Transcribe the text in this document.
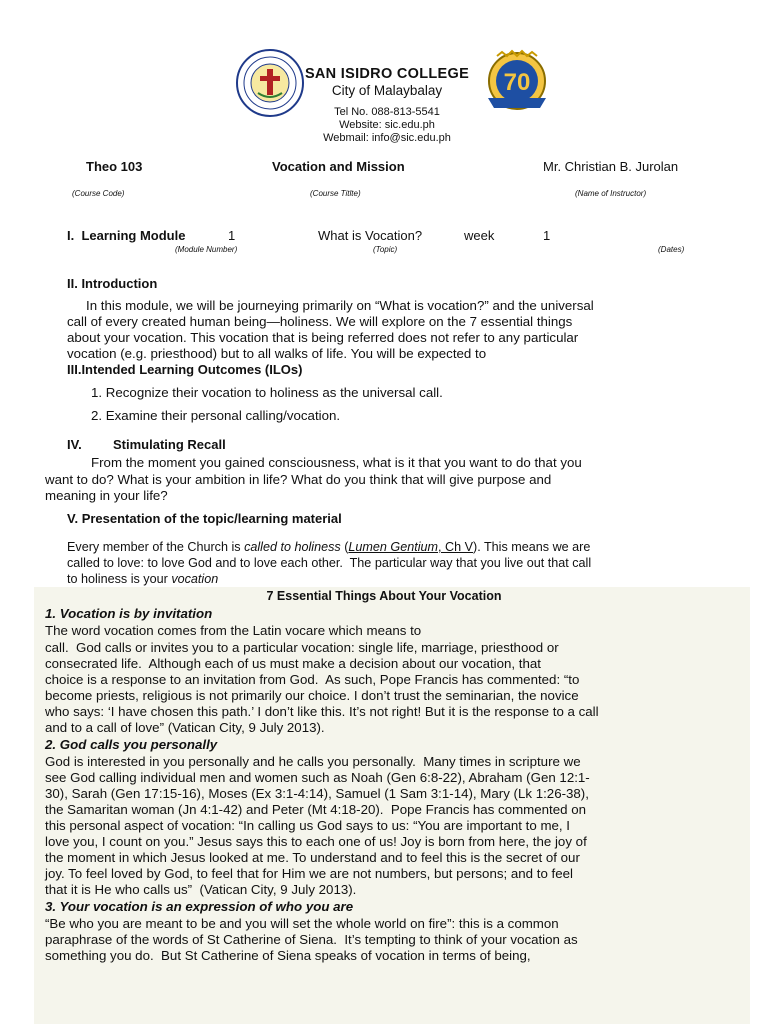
70
SAN ISIDRO COLLEGE
City of Malaybalay
Tel No. 088-813-5541
Website: sic.edu.ph
Webmail: info@sic.edu.ph
Theo 103
(Course Code)
Vocation and Mission
(Course Titlte)
Mr. Christian B. Jurolan
(Name of Instructor)
I.  Learning Module	1
(Module Number)
What is Vocation?
(Topic)
week	1
(Dates)
II. Introduction
In this module, we will be journeying primarily on “What is vocation?” and the universal
call of every created human being—holiness. We will explore on the 7 essential things
about your vocation. This vocation that is being referred does not refer to any particular
vocation (e.g. priesthood) but to all walks of life. You will be expected to
III.Intended Learning Outcomes (ILOs)
1. Recognize their vocation to holiness as the universal call.
2. Examine their personal calling/vocation.
IV. Stimulating Recall
From the moment you gained consciousness, what is it that you want to do that you
want to do? What is your ambition in life? What do you think that will give purpose and
meaning in your life?
V. Presentation of the topic/learning material
Every member of the Church is called to holiness (Lumen Gentium, Ch V). This means we are
called to love: to love God and to love each other.  The particular way that you live out that call
to holiness is your vocation
7 Essential Things About Your Vocation
1. Vocation is by invitation
The word vocation comes from the Latin vocare which means to
call.  God calls or invites you to a particular vocation: single life, marriage, priesthood or
consecrated life.  Although each of us must make a decision about our vocation, that
choice is a response to an invitation from God.  As such, Pope Francis has commented: “to
become priests, religious is not primarily our choice. I don’t trust the seminarian, the novice
who says: ‘I have chosen this path.’ I don’t like this. It’s not right! But it is the response to a call
and to a call of love” (Vatican City, 9 July 2013).
2. God calls you personally
God is interested in you personally and he calls you personally.  Many times in scripture we
see God calling individual men and women such as Noah (Gen 6:8-22), Abraham (Gen 12:1-
30), Sarah (Gen 17:15-16), Moses (Ex 3:1-4:14), Samuel (1 Sam 3:1-14), Mary (Lk 1:26-38),
the Samaritan woman (Jn 4:1-42) and Peter (Mt 4:18-20).  Pope Francis has commented on
this personal aspect of vocation: “In calling us God says to us: “You are important to me, I
love you, I count on you.” Jesus says this to each one of us! Joy is born from here, the joy of
the moment in which Jesus looked at me. To understand and to feel this is the secret of our
joy. To feel loved by God, to feel that for Him we are not numbers, but persons; and to feel
that it is He who calls us”  (Vatican City, 9 July 2013).
3. Your vocation is an expression of who you are
“Be who you are meant to be and you will set the whole world on fire”: this is a common
paraphrase of the words of St Catherine of Siena.  It’s tempting to think of your vocation as
something you do.  But St Catherine of Siena speaks of vocation in terms of being,
